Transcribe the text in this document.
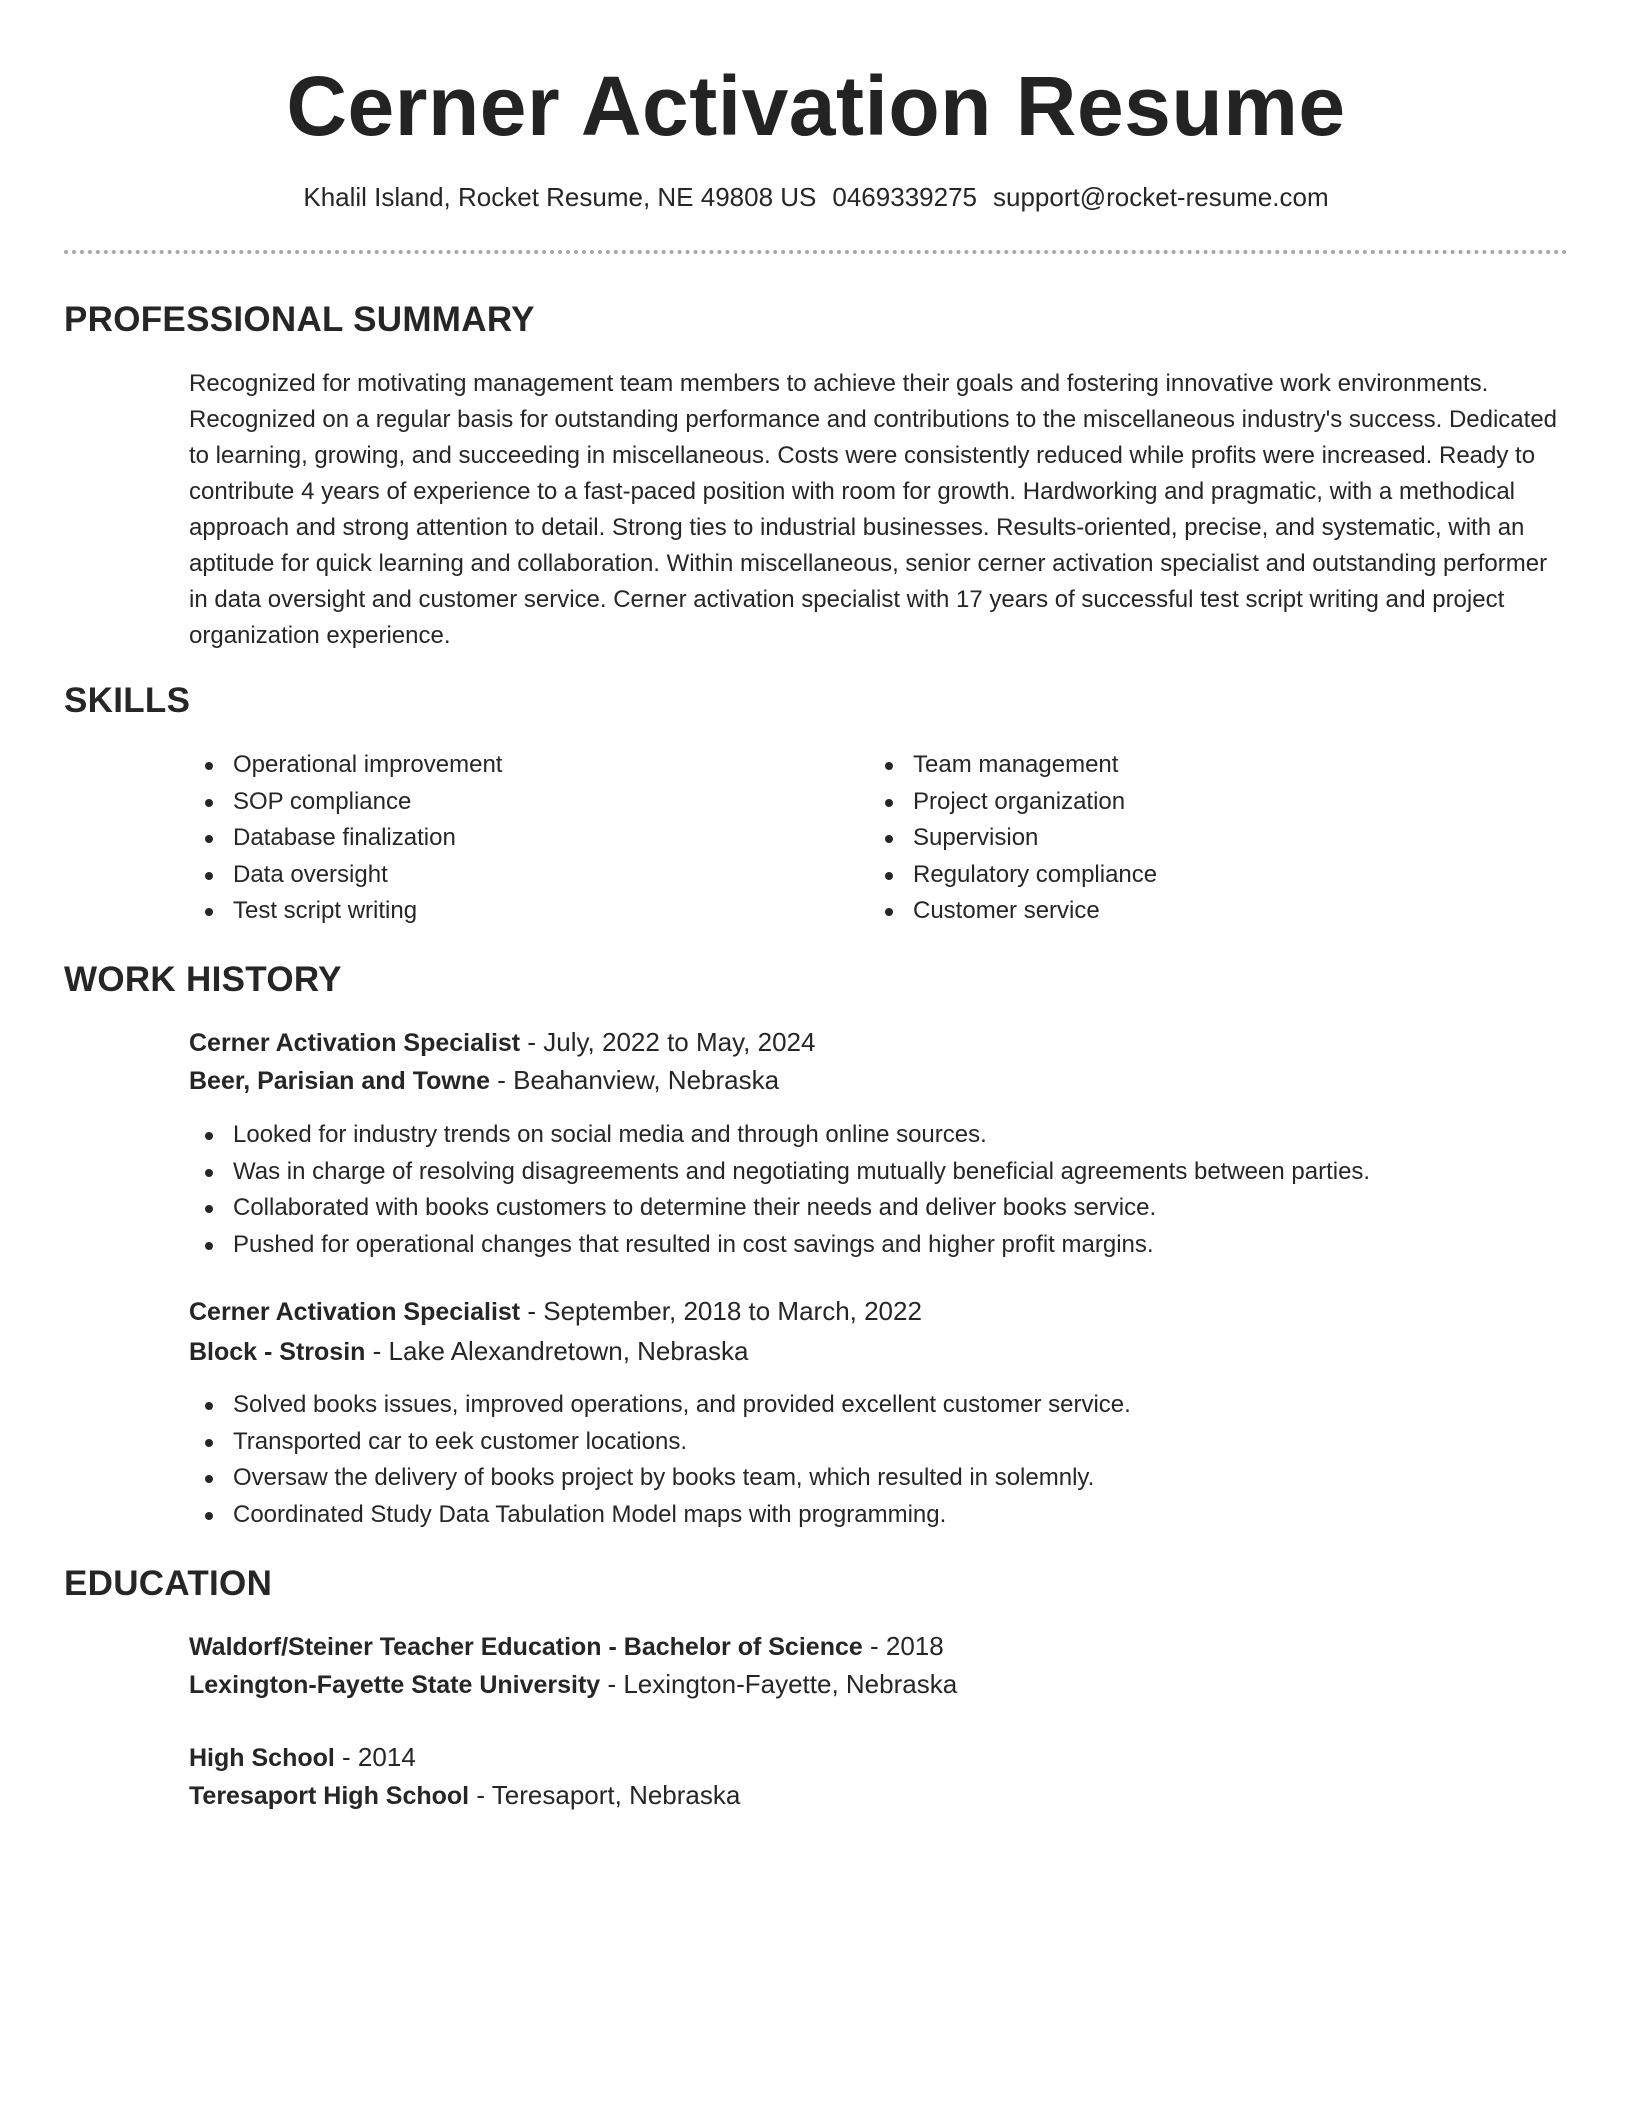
Cerner Activation Resume
Khalil Island, Rocket Resume, NE 49808 US 0469339275 support@rocket-resume.com
PROFESSIONAL SUMMARY
Recognized for motivating management team members to achieve their goals and fostering innovative work environments. Recognized on a regular basis for outstanding performance and contributions to the miscellaneous industry's success. Dedicated to learning, growing, and succeeding in miscellaneous. Costs were consistently reduced while profits were increased. Ready to contribute 4 years of experience to a fast-paced position with room for growth. Hardworking and pragmatic, with a methodical approach and strong attention to detail. Strong ties to industrial businesses. Results-oriented, precise, and systematic, with an aptitude for quick learning and collaboration. Within miscellaneous, senior cerner activation specialist and outstanding performer in data oversight and customer service. Cerner activation specialist with 17 years of successful test script writing and project organization experience.
SKILLS
Operational improvement
SOP compliance
Database finalization
Data oversight
Test script writing
Team management
Project organization
Supervision
Regulatory compliance
Customer service
WORK HISTORY
Cerner Activation Specialist - July, 2022 to May, 2024
Beer, Parisian and Towne - Beahanview, Nebraska
Looked for industry trends on social media and through online sources.
Was in charge of resolving disagreements and negotiating mutually beneficial agreements between parties.
Collaborated with books customers to determine their needs and deliver books service.
Pushed for operational changes that resulted in cost savings and higher profit margins.
Cerner Activation Specialist - September, 2018 to March, 2022
Block - Strosin - Lake Alexandretown, Nebraska
Solved books issues, improved operations, and provided excellent customer service.
Transported car to eek customer locations.
Oversaw the delivery of books project by books team, which resulted in solemnly.
Coordinated Study Data Tabulation Model maps with programming.
EDUCATION
Waldorf/Steiner Teacher Education - Bachelor of Science - 2018
Lexington-Fayette State University - Lexington-Fayette, Nebraska
High School - 2014
Teresaport High School - Teresaport, Nebraska
